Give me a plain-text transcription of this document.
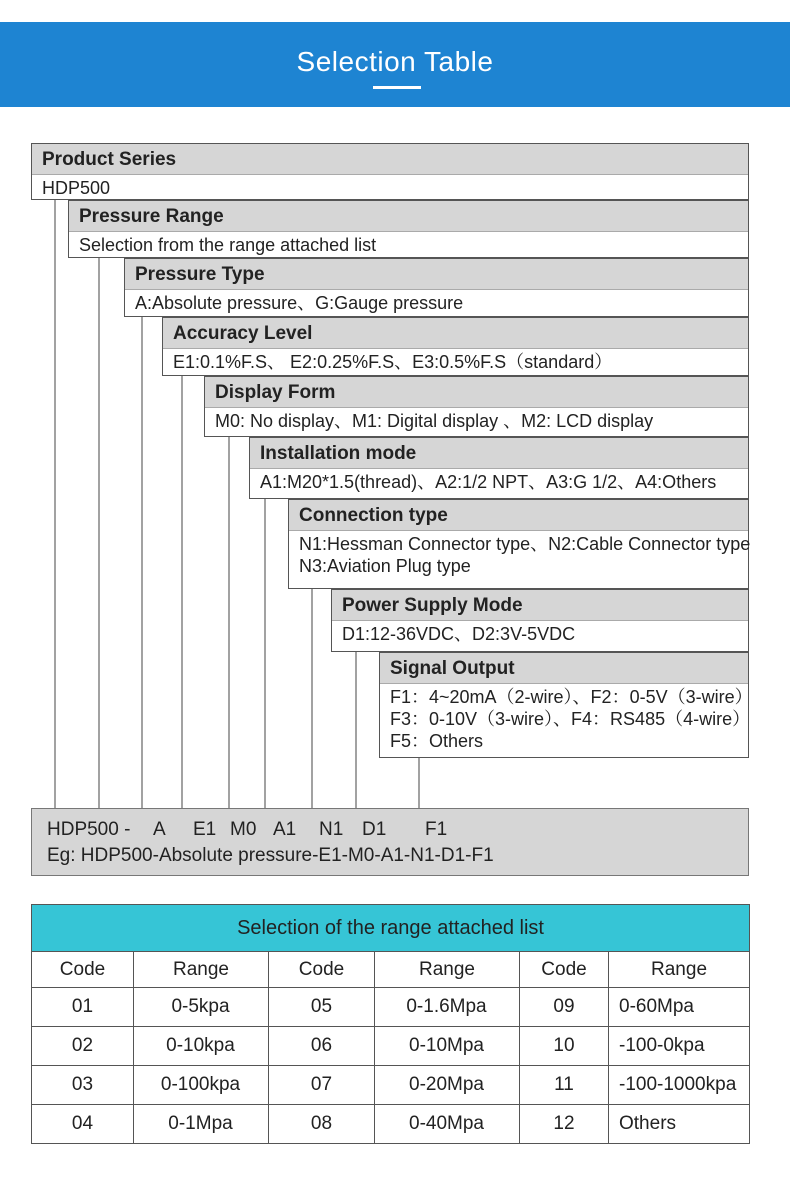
Selection Table
Product Series
HDP500
Pressure Range
Selection from the range attached list
Pressure Type
A:Absolute pressure、G:Gauge pressure
Accuracy Level
E1:0.1%F.S、 E2:0.25%F.S、E3:0.5%F.S（standard）
Display Form
M0: No display、M1: Digital display 、M2: LCD display
Installation mode
A1:M20*1.5(thread)、A2:1/2 NPT、A3:G 1/2、A4:Others
Connection type
N1:Hessman Connector type、N2:Cable Connector type
N3:Aviation Plug type
Power Supply Mode
D1:12-36VDC、D2:3V-5VDC
Signal Output
F1：4~20mA（2-wire）、F2：0-5V（3-wire）
F3：0-10V（3-wire）、F4：RS485（4-wire）
F5：Others
HDP500 - A E1 M0 A1 N1 D1 F1
Eg: HDP500-Absolute pressure-E1-M0-A1-N1-D1-F1
Selection of the range attached list					
Code	Range	Code	Range	Code	Range
01	0-5kpa	05	0-1.6Mpa	09	0-60Mpa
02	0-10kpa	06	0-10Mpa	10	-100-0kpa
03	0-100kpa	07	0-20Mpa	11	-100-1000kpa
04	0-1Mpa	08	0-40Mpa	12	Others
